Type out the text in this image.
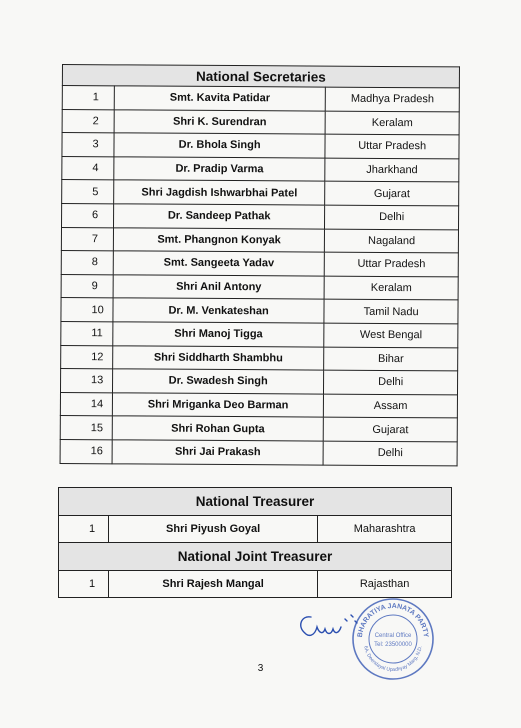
National Secretaries		
1	Smt. Kavita Patidar	Madhya Pradesh
2	Shri K. Surendran	Keralam
3	Dr. Bhola Singh	Uttar Pradesh
4	Dr. Pradip Varma	Jharkhand
5	Shri Jagdish Ishwarbhai Patel	Gujarat
6	Dr. Sandeep Pathak	Delhi
7	Smt. Phangnon Konyak	Nagaland
8	Smt. Sangeeta Yadav	Uttar Pradesh
9	Shri Anil Antony	Keralam
10	Dr. M. Venkateshan	Tamil Nadu
11	Shri Manoj Tigga	West Bengal
12	Shri Siddharth Shambhu	Bihar
13	Dr. Swadesh Singh	Delhi
14	Shri Mriganka Deo Barman	Assam
15	Shri Rohan Gupta	Gujarat
16	Shri Jai Prakash	Delhi
National Treasurer		
1	Shri Piyush Goyal	Maharashtra
National Joint Treasurer		
1	Shri Rajesh Mangal	Rajasthan
BHARATIYA JANATA PARTY
6A, Deendayal Upadhyay Marg, N.D.
Central Office
Tel: 23500000
3
